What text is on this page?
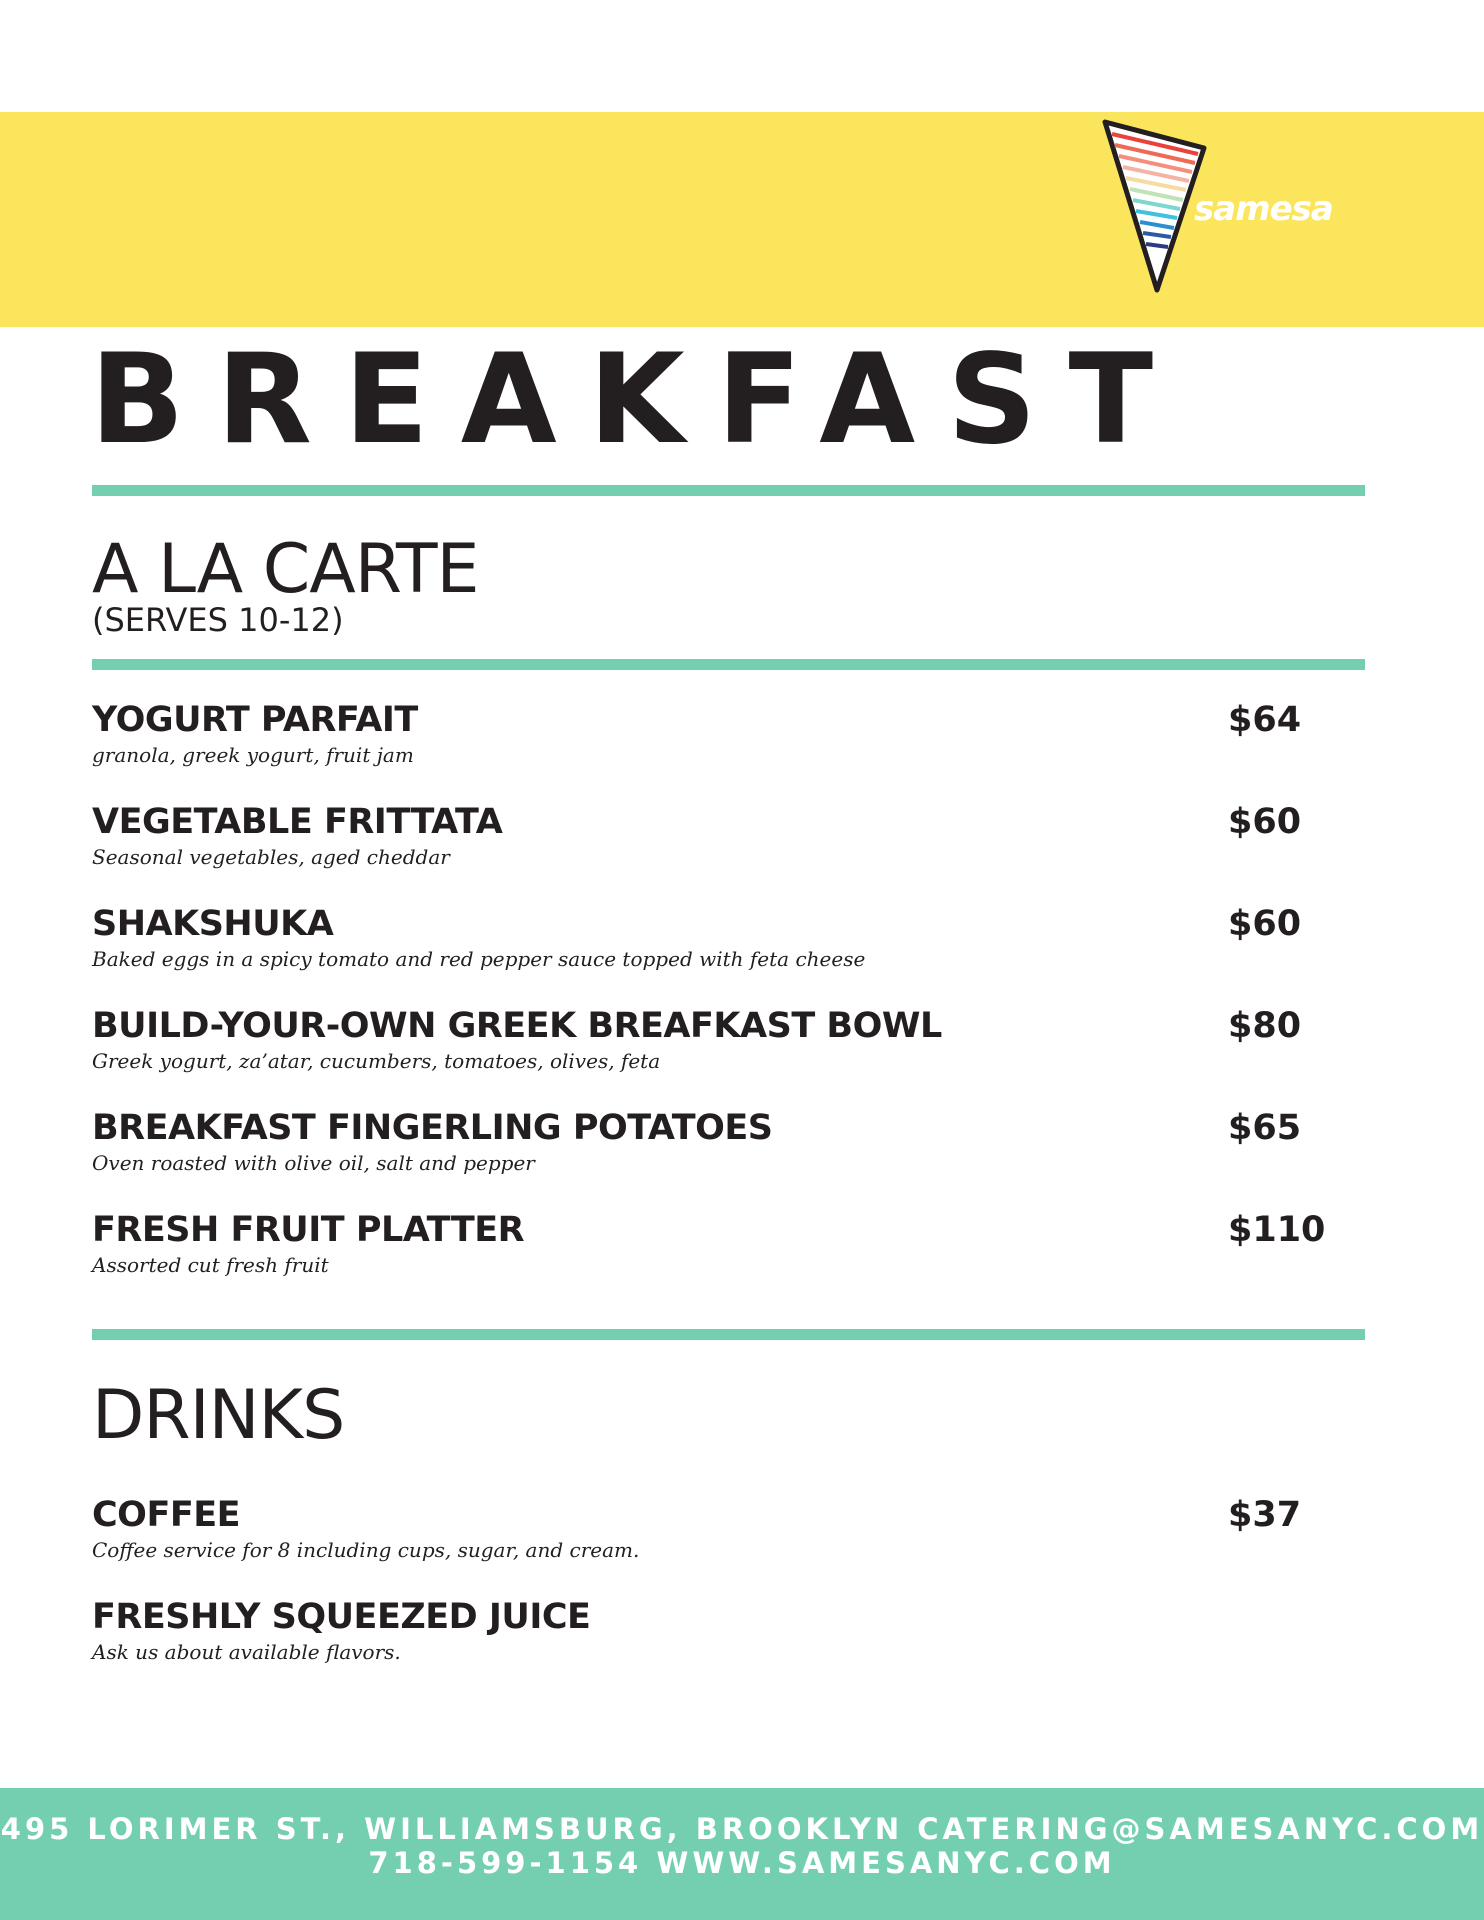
samesa
BREAKFAST
A LA CARTE
(SERVES 10-12)
YOGURT PARFAIT
granola, greek yogurt, fruit jam
$64
VEGETABLE FRITTATA
Seasonal vegetables, aged cheddar
$60
SHAKSHUKA
Baked eggs in a spicy tomato and red pepper sauce topped with feta cheese
$60
BUILD-YOUR-OWN GREEK BREAFKAST BOWL
Greek yogurt, za’atar, cucumbers, tomatoes, olives, feta
$80
BREAKFAST FINGERLING POTATOES
Oven roasted with olive oil, salt and pepper
$65
FRESH FRUIT PLATTER
Assorted cut fresh fruit
$110
DRINKS
COFFEE
Coffee service for 8 including cups, sugar, and cream.
$37
FRESHLY SQUEEZED JUICE
Ask us about available flavors.
495 LORIMER ST., WILLIAMSBURG, BROOKLYN CATERING@SAMESANYC.COM
718-599-1154 WWW.SAMESANYC.COM
